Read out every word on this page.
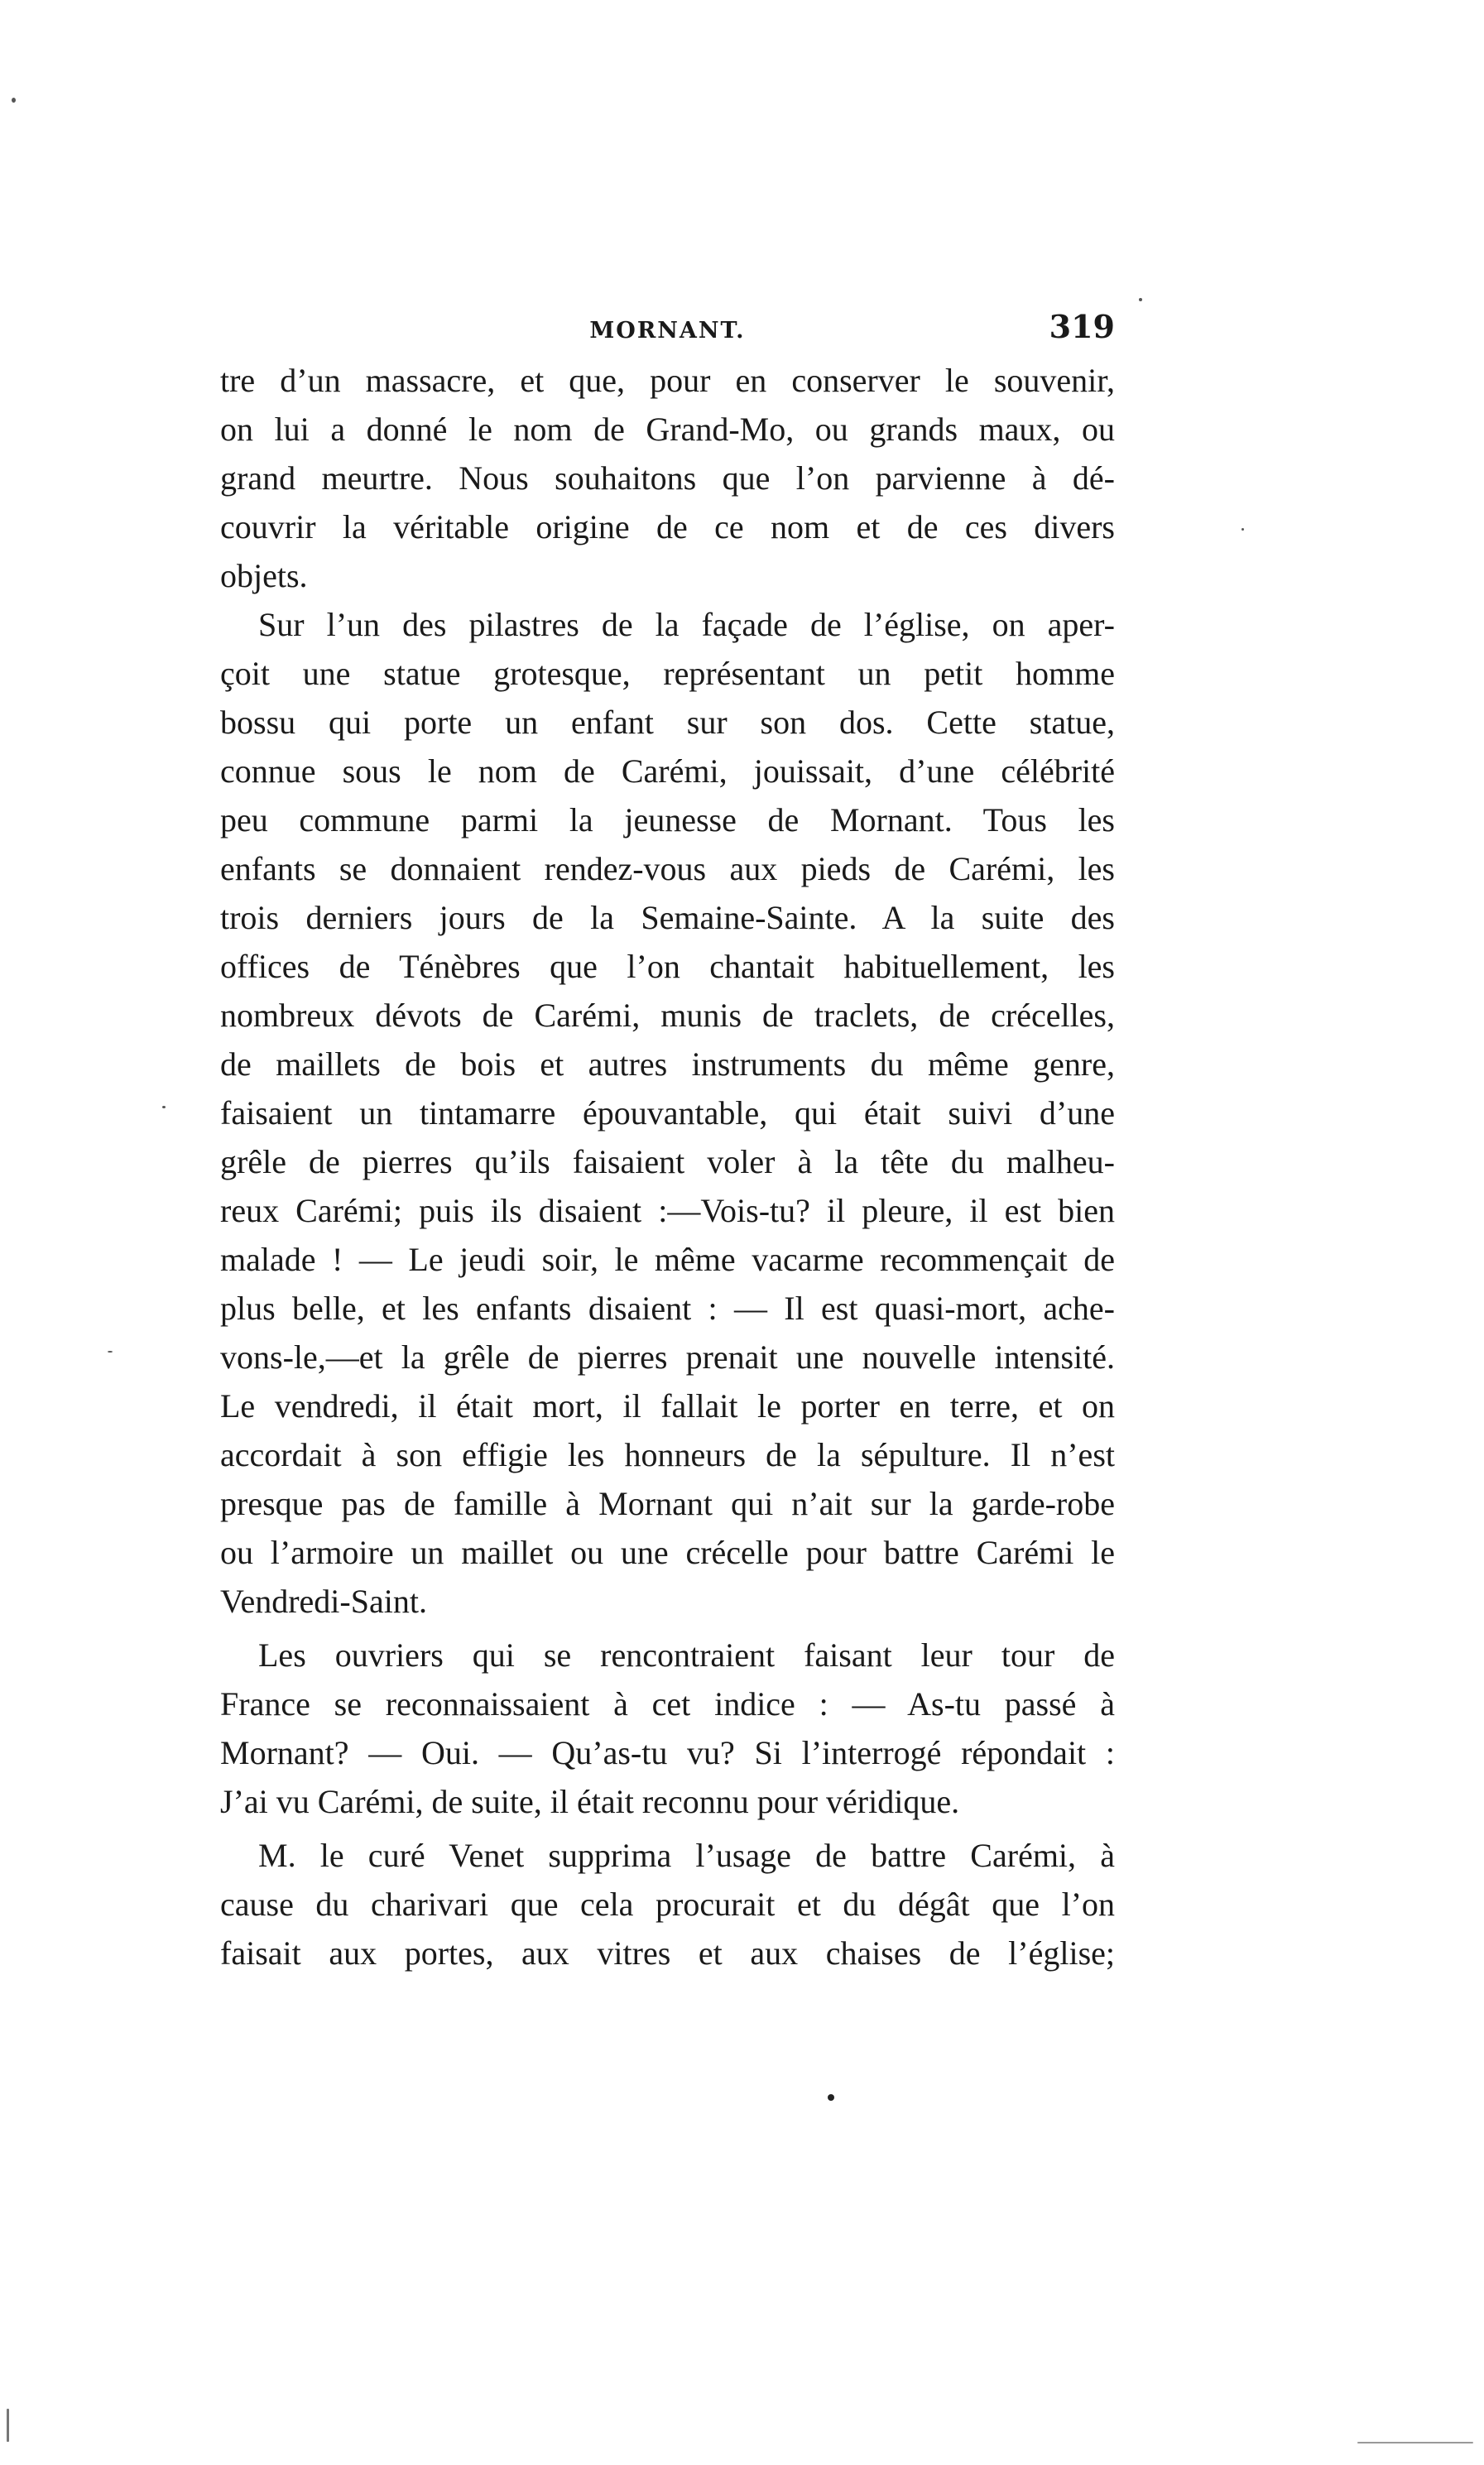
MORNANT.	319
tre d’un massacre, et que, pour en conserver le souvenir,
on lui a donné le nom de Grand-Mo, ou grands maux, ou
grand meurtre. Nous souhaitons que l’on parvienne à dé-
couvrir la véritable origine de ce nom et de ces divers
objets.
Sur l’un des pilastres de la façade de l’église, on aper-
çoit une statue grotesque, représentant un petit homme
bossu qui porte un enfant sur son dos. Cette statue,
connue sous le nom de Carémi, jouissait, d’une célébrité
peu commune parmi la jeunesse de Mornant. Tous les
enfants se donnaient rendez-vous aux pieds de Carémi, les
trois derniers jours de la Semaine-Sainte. A la suite des
offices de Ténèbres que l’on chantait habituellement, les
nombreux dévots de Carémi, munis de traclets, de crécelles,
de maillets de bois et autres instruments du même genre,
faisaient un tintamarre épouvantable, qui était suivi d’une
grêle de pierres qu’ils faisaient voler à la tête du malheu-
reux Carémi; puis ils disaient :—Vois-tu? il pleure, il est bien
malade ! — Le jeudi soir, le même vacarme recommençait de
plus belle, et les enfants disaient : — Il est quasi-mort, ache-
vons-le,—et la grêle de pierres prenait une nouvelle intensité.
Le vendredi, il était mort, il fallait le porter en terre, et on
accordait à son effigie les honneurs de la sépulture. Il n’est
presque pas de famille à Mornant qui n’ait sur la garde-robe
ou l’armoire un maillet ou une crécelle pour battre Carémi le
Vendredi-Saint.
Les ouvriers qui se rencontraient faisant leur tour de
France se reconnaissaient à cet indice : — As-tu passé à
Mornant? — Oui. — Qu’as-tu vu? Si l’interrogé répondait :
J’ai vu Carémi, de suite, il était reconnu pour véridique.
M. le curé Venet supprima l’usage de battre Carémi, à
cause du charivari que cela procurait et du dégât que l’on
faisait aux portes, aux vitres et aux chaises de l’église;
